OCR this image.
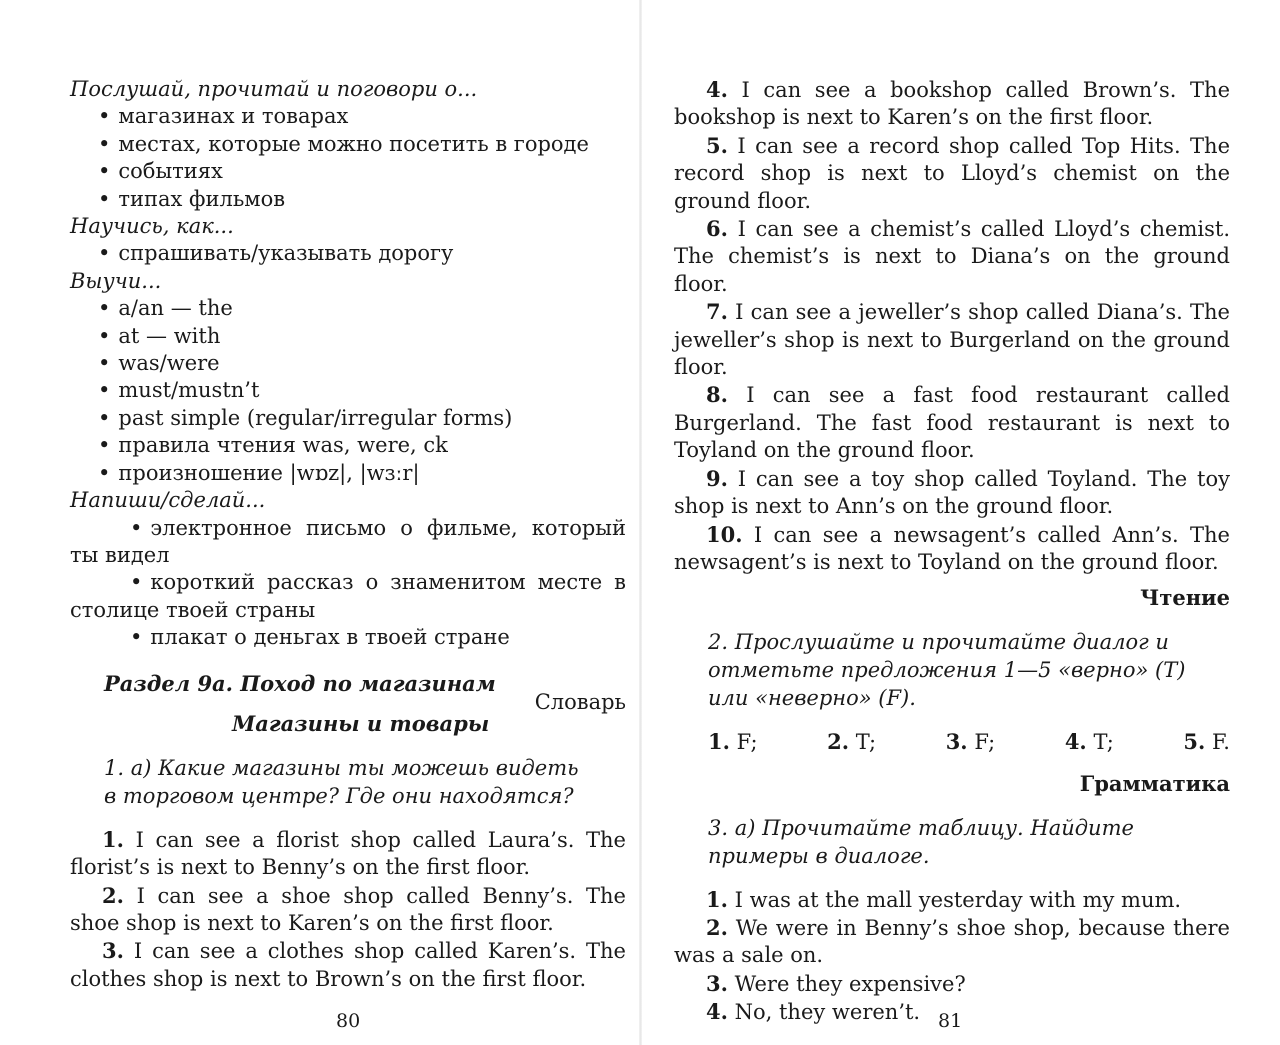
Послушай, прочитай и поговори о...

• магазинах и товарах

• местах, которые можно посетить в городе

• событиях

• типах фильмов

Научись, как...

• спрашивать/указывать дорогу

Выучи...

• a/an — the

• at — with

• was/were

• must/mustn’t

• past simple (regular/irregular forms)

• правила чтения was, were, ck

• произношение |wɒz|, |wɜːr|

Напиши/сделай...

• электронное письмо о фильме, который ты видел

• короткий рассказ о знаменитом месте в столице твоей страны

• плакат о деньгах в твоей стране

Раздел 9а. Поход по магазинам

Словарь

Магазины и товары

1. а) Какие магазины ты можешь видеть в торговом центре? Где они находятся?

1. I can see a florist shop called Laura’s. The florist’s is next to Benny’s on the first floor.

2. I can see a shoe shop called Benny’s. The shoe shop is next to Karen’s on the first floor.

3. I can see a clothes shop called Karen’s. The clothes shop is next to Brown’s on the first floor.

4. I can see a bookshop called Brown’s. The bookshop is next to Karen’s on the first floor.

5. I can see a record shop called Top Hits. The record shop is next to Lloyd’s chemist on the ground floor.

6. I can see a chemist’s called Lloyd’s chemist. The chemist’s is next to Diana’s on the ground floor.

7. I can see a jeweller’s shop called Diana’s. The jeweller’s shop is next to Burgerland on the ground floor.

8. I can see a fast food restaurant called Burgerland. The fast food restaurant is next to Toyland on the ground floor.

9. I can see a toy shop called Toyland. The toy shop is next to Ann’s on the ground floor.

10. I can see a newsagent’s called Ann’s. The newsagent’s is next to Toyland on the ground floor.

Чтение

2. Прослушайте и прочитайте диалог и отметьте предложения 1—5 «верно» (T) или «неверно» (F).

1. F;	2. T;	3. F;	4. T;	5. F.

Грамматика

3. а) Прочитайте таблицу. Найдите примеры в диалоге.

1. I was at the mall yesterday with my mum.

2. We were in Benny’s shoe shop, because there was a sale on.

3. Were they expensive?

4. No, they weren’t.

80	81
